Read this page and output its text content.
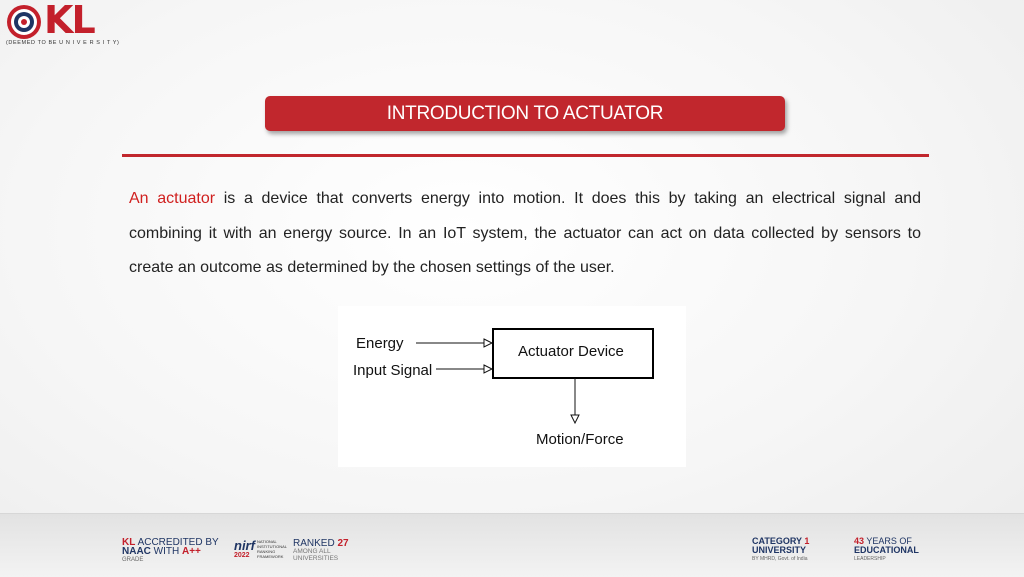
KL
(DEEMED TO BE U N I V E R S I T Y)
INTRODUCTION TO ACTUATOR

An actuator is a device that converts energy into motion. It does this by taking an electrical signal and combining it with an energy source. In an IoT system, the actuator can act on data collected by sensors to create an outcome as determined by the chosen settings of the user.

Energy
Input Signal
Actuator Device
Motion/Force
KL ACCREDITED BY
NAAC WITH A++
GRADE
nirf
2022
NATIONAL INSTITUTIONAL RANKING FRAMEWORK
RANKED 27
AMONG ALL
UNIVERSITIES
CATEGORY 1
UNIVERSITY
BY MHRD, Govt. of India
43 YEARS OF
EDUCATIONAL
LEADERSHIP
